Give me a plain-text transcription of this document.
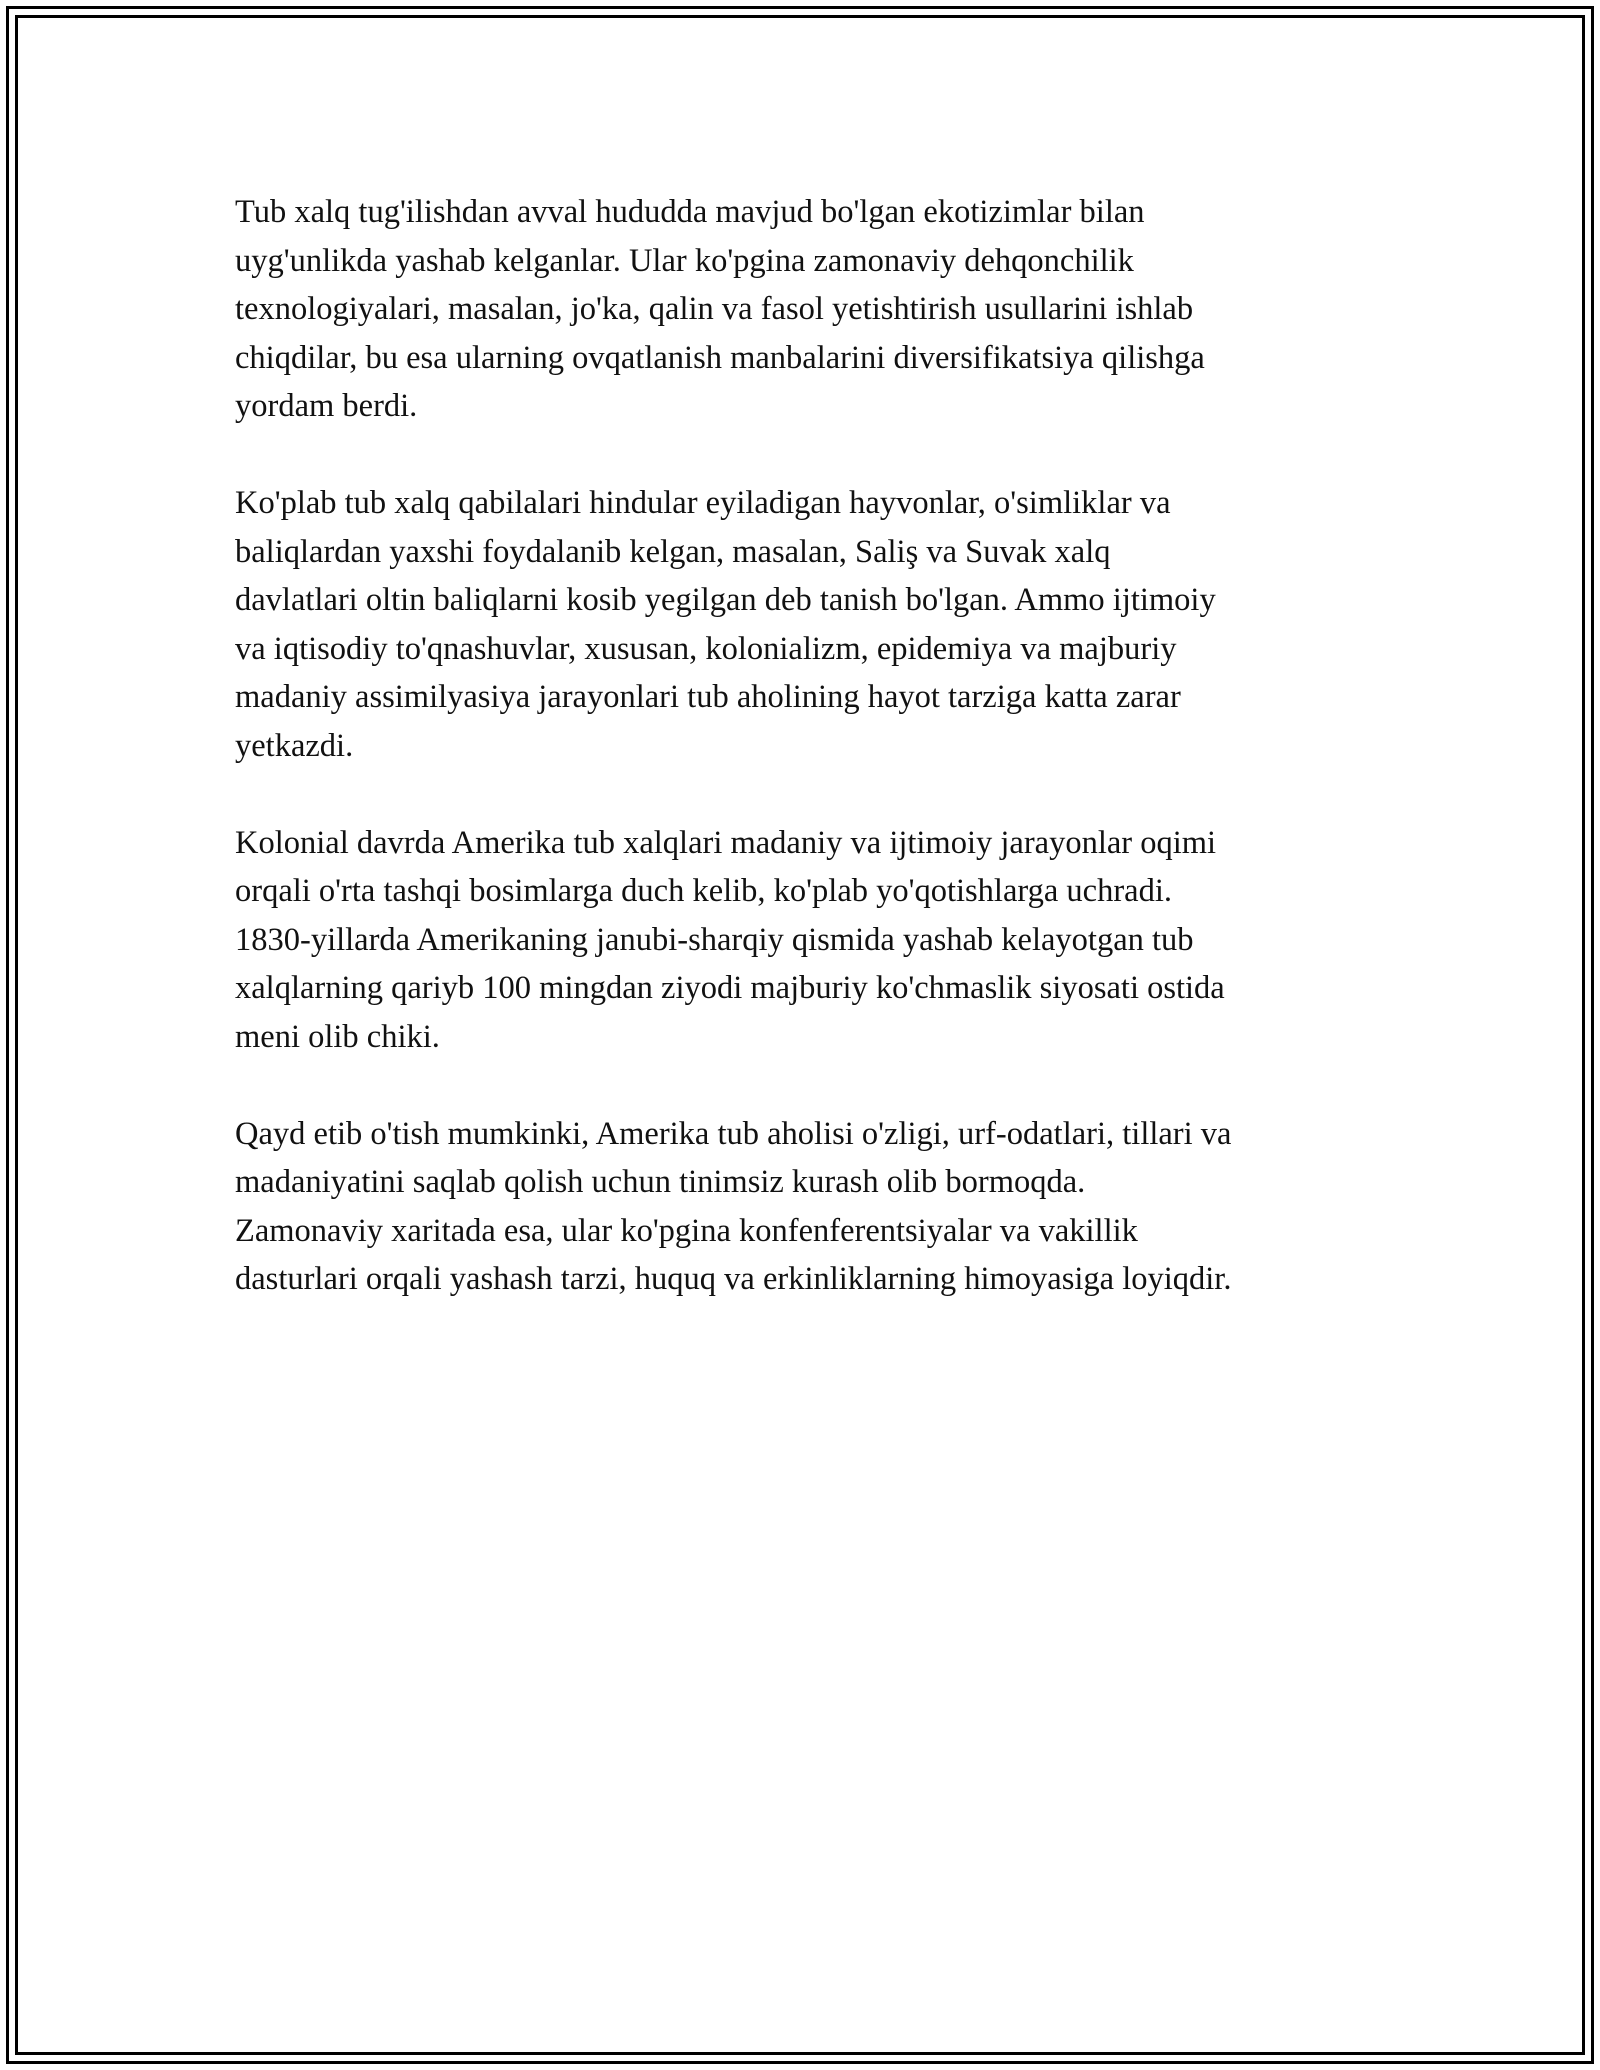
Tub xalq tug'ilishdan avval hududda mavjud bo'lgan ekotizimlar bilan
uyg'unlikda yashab kelganlar. Ular ko'pgina zamonaviy dehqonchilik
texnologiyalari, masalan, jo'ka, qalin va fasol yetishtirish usullarini ishlab
chiqdilar, bu esa ularning ovqatlanish manbalarini diversifikatsiya qilishga
yordam berdi.

Ko'plab tub xalq qabilalari hindular eyiladigan hayvonlar, o'simliklar va
baliqlardan yaxshi foydalanib kelgan, masalan, Saliş va Suvak xalq
davlatlari oltin baliqlarni kosib yegilgan deb tanish bo'lgan. Ammo ijtimoiy
va iqtisodiy to'qnashuvlar, xususan, kolonializm, epidemiya va majburiy
madaniy assimilyasiya jarayonlari tub aholining hayot tarziga katta zarar
yetkazdi.

Kolonial davrda Amerika tub xalqlari madaniy va ijtimoiy jarayonlar oqimi
orqali o'rta tashqi bosimlarga duch kelib, ko'plab yo'qotishlarga uchradi.
1830-yillarda Amerikaning janubi-sharqiy qismida yashab kelayotgan tub
xalqlarning qariyb 100 mingdan ziyodi majburiy ko'chmaslik siyosati ostida
meni olib chiki.

Qayd etib o'tish mumkinki, Amerika tub aholisi o'zligi, urf-odatlari, tillari va
madaniyatini saqlab qolish uchun tinimsiz kurash olib bormoqda.
Zamonaviy xaritada esa, ular ko'pgina konfenferentsiyalar va vakillik
dasturlari orqali yashash tarzi, huquq va erkinliklarning himoyasiga loyiqdir.
